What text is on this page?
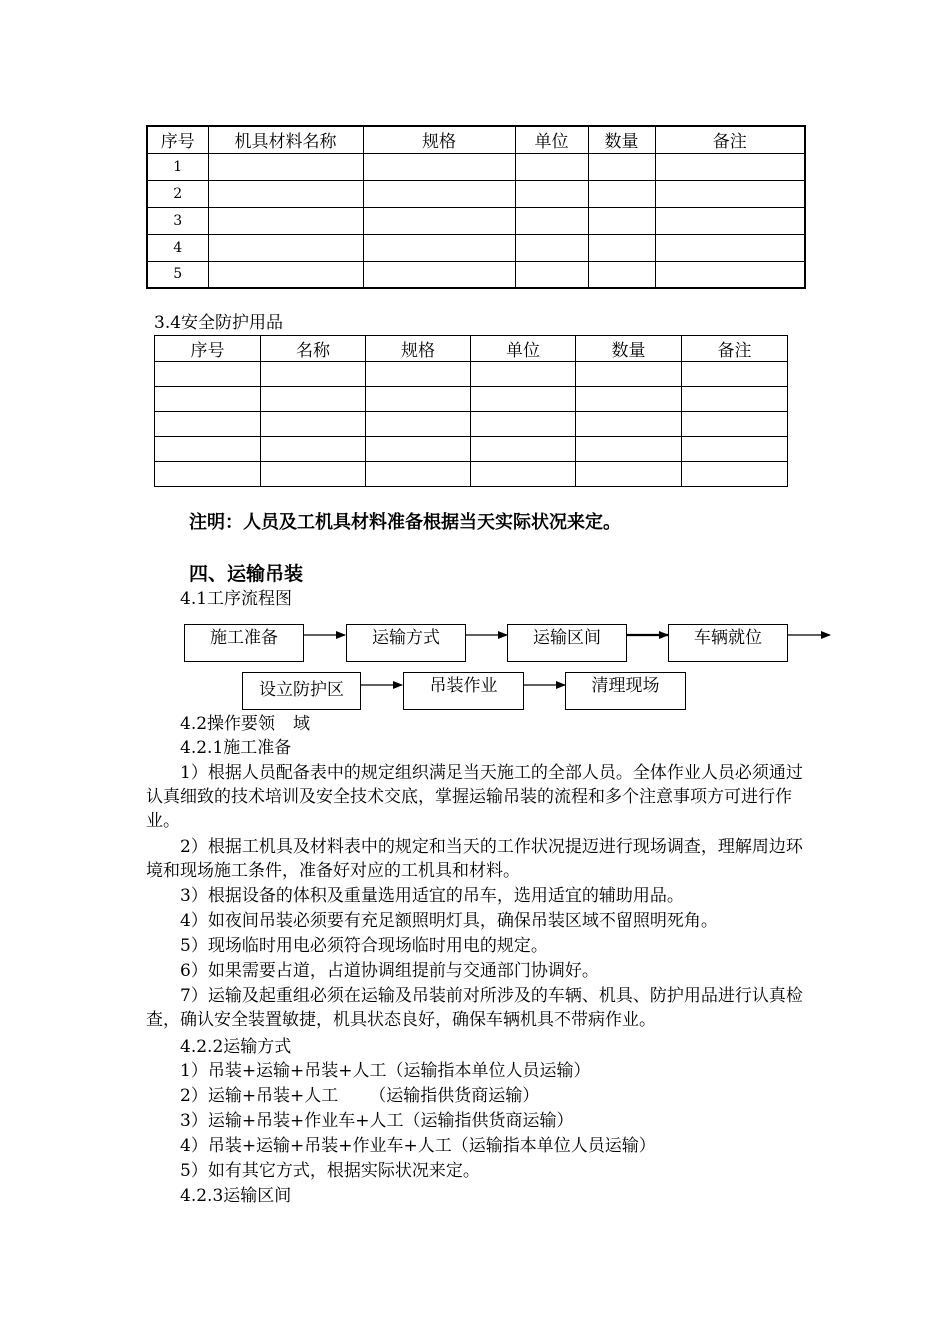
序号	机具材料名称	规格	单位	数量	备注
1					
2					
3					
4					
5					
3.4安全防护用品
序号	名称	规格	单位	数量	备注

注明：人员及工机具材料准备根据当天实际状况来定。
四、运输吊装
4.1工序流程图
施工准备	运输方式	运输区间	车辆就位
设立防护区域
吊装作业	清理现场
4.2操作要领
4.2.1施工准备
1）根据人员配备表中的规定组织满足当天施工的全部人员。全体作业人员必须通过认真细致的技术培训及安全技术交底，掌握运输吊装的流程和多个注意事项方可进行作业。
2）根据工机具及材料表中的规定和当天的工作状况提迈进行现场调查，理解周边环境和现场施工条件，准备好对应的工机具和材料。
3）根据设备的体积及重量选用适宜的吊车，选用适宜的辅助用品。
4）如夜间吊装必须要有充足额照明灯具，确保吊装区域不留照明死角。
5）现场临时用电必须符合现场临时用电的规定。
6）如果需要占道，占道协调组提前与交通部门协调好。
7）运输及起重组必须在运输及吊装前对所涉及的车辆、机具、防护用品进行认真检查，确认安全装置敏捷，机具状态良好，确保车辆机具不带病作业。
4.2.2运输方式
1）吊装+运输+吊装+人工（运输指本单位人员运输）
2）运输+吊装+人工 　　（运输指供货商运输）
3）运输+吊装+作业车+人工（运输指供货商运输）
4）吊装+运输+吊装+作业车+人工（运输指本单位人员运输）
5）如有其它方式，根据实际状况来定。
4.2.3运输区间
